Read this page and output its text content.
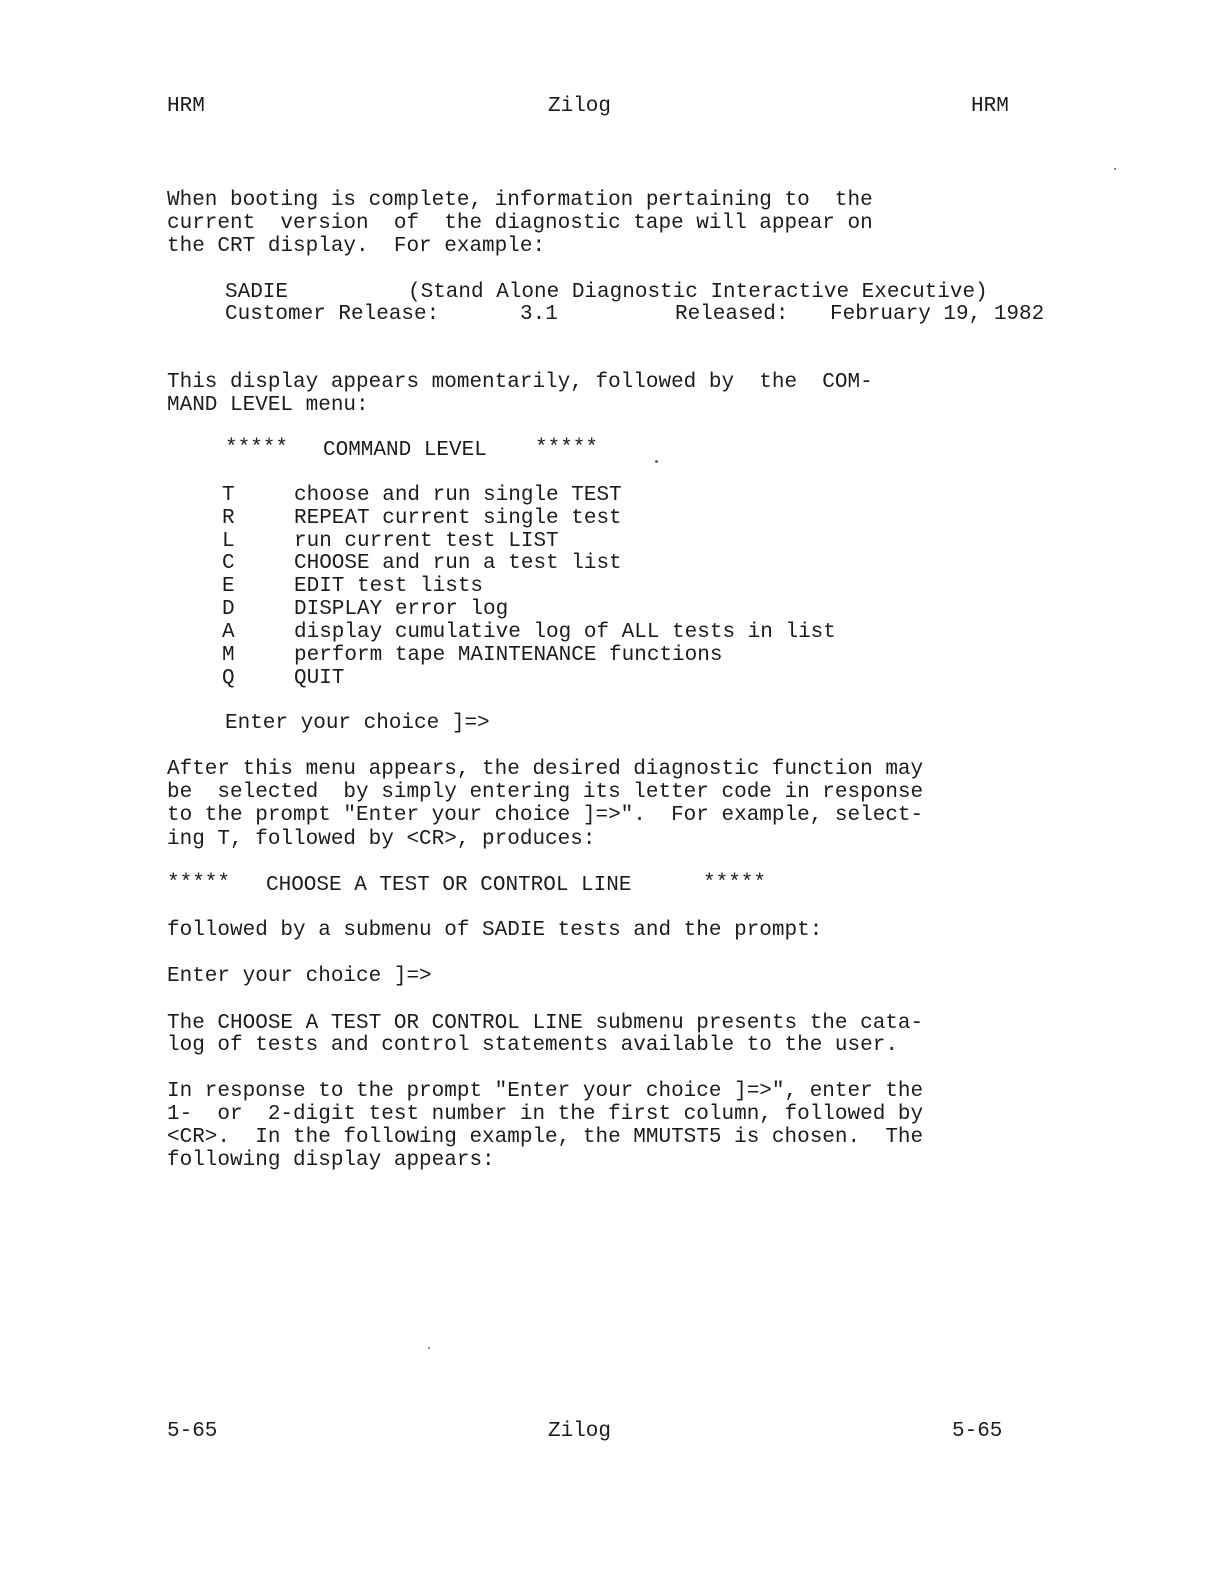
HRM	Zilog	HRM
When booting is complete, information pertaining to  the
current  version  of  the diagnostic tape will appear on
the CRT display.  For example:
SADIE	(Stand Alone Diagnostic Interactive Executive)
Customer Release:	3.1	Released: February 19, 1982
This display appears momentarily, followed by  the  COM-
MAND LEVEL menu:
***** COMMAND LEVEL *****
T	choose and run single TEST
R	REPEAT current single test
L	run current test LIST
C	CHOOSE and run a test list
E	EDIT test lists
D	DISPLAY error log
A	display cumulative log of ALL tests in list
M	perform tape MAINTENANCE functions
Q	QUIT
Enter your choice ]=>
After this menu appears, the desired diagnostic function may
be  selected  by simply entering its letter code in response
to the prompt "Enter your choice ]=>".  For example, select-
ing T, followed by <CR>, produces:
***** CHOOSE A TEST OR CONTROL LINE	*****
followed by a submenu of SADIE tests and the prompt:
Enter your choice ]=>
The CHOOSE A TEST OR CONTROL LINE submenu presents the cata-
log of tests and control statements available to the user.
In response to the prompt "Enter your choice ]=>", enter the
1-  or  2-digit test number in the first column, followed by
<CR>.  In the following example, the MMUTST5 is chosen.  The
following display appears:
5-65	Zilog	5-65
